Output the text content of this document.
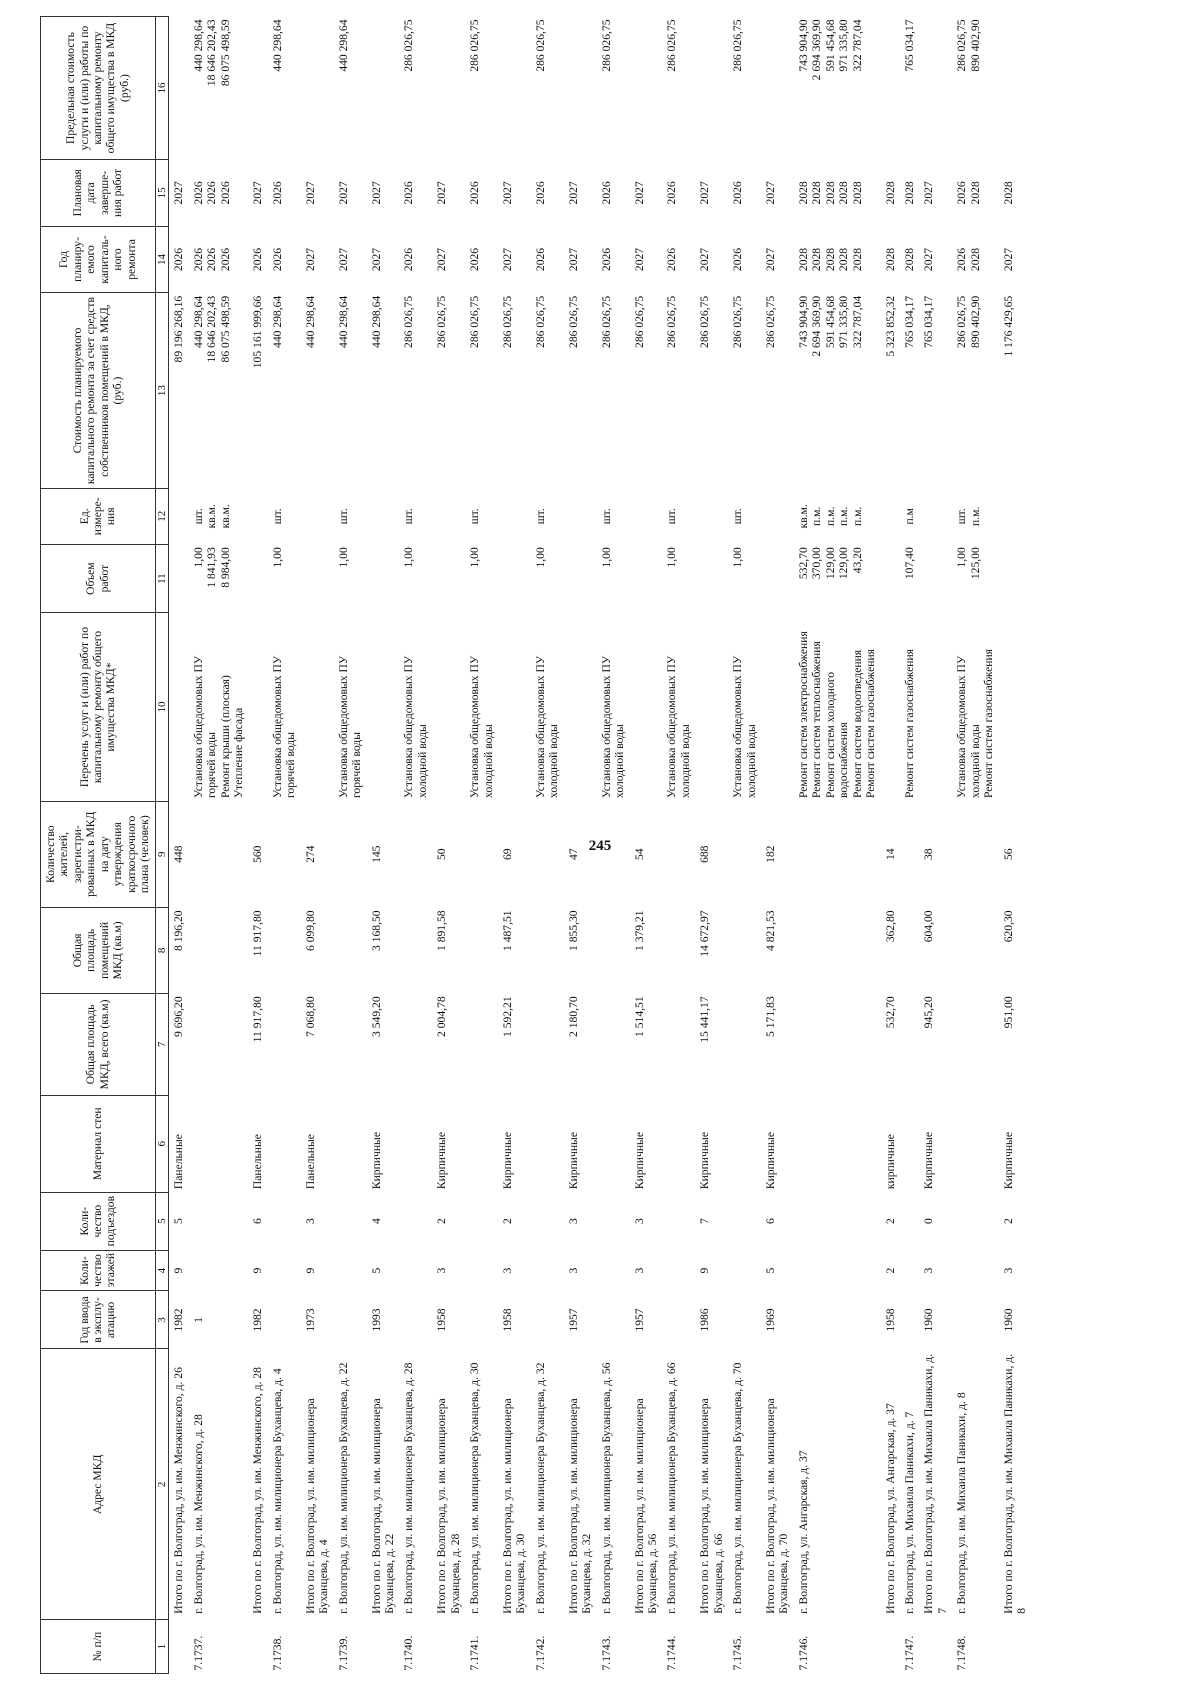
245
№ п/п	Адрес МКД	Год ввода в эксплу-атацию	Коли-чество этажей	Коли-чество подъездов	Материал стен	Общая площадь МКД, всего (кв.м)	Общая площадь помещений МКД (кв.м)	Количество жителей, зарегистри-рованных в МКД на дату утверждения краткосрочного плана (человек)	Перечень услуг и (или) работ по капитальному ремонту общего имущества МКД*	Объем работ	Ед. измере-ния	Стоимость планируемого капитального ремонта за счет средств собственников помещений в МКД, (руб.)	Год планиру-емого капиталь-ного ремонта	Плановая дата заверше-ния работ	Предельная стоимость услуги и (или) работы по капитальному ремонту общего имущества в МКД (руб.)
1	2	3	4	5	6	7	8	9	10	11	12	13	14	15	16
	Итого по г. Волгоград, ул. им. Менжинского, д. 26	1982	9	5	Панельные	9 696,20	8 196,20	448				89 196 268,16	2026	2027	

7.1737.	г. Волгоград, ул. им. Менжинского, д. 28	1							Установка общедомовых ПУ горячей воды Ремонт крыши (плоская) Утепление фасада	1,00 1 841,93 8 984,00	шт. кв.м. кв.м.	440 298,64 18 646 202,43 86 075 498,59	2026 2026 2026	2026 2026 2026	440 298,64 18 646 202,43 86 075 498,59

	Итого по г. Волгоград, ул. им. Менжинского, д. 28	1982	9	6	Панельные	11 917,80	11 917,80	560				105 161 999,66	2026	2027	

7.1738.	г. Волгоград, ул. им. милиционера Буханцева, д. 4								Установка общедомовых ПУ горячей воды	1,00	шт.	440 298,64	2026	2026	440 298,64

	Итого по г. Волгоград, ул. им. милиционера Буханцева, д. 4	1973	9	3	Панельные	7 068,80	6 099,80	274				440 298,64	2027	2027	

7.1739.	г. Волгоград, ул. им. милиционера Буханцева, д. 22								Установка общедомовых ПУ горячей воды	1,00	шт.	440 298,64	2027	2027	440 298,64

	Итого по г. Волгоград, ул. им. милиционера Буханцева, д. 22	1993	5	4	Кирпичные	3 549,20	3 168,50	145				440 298,64	2027	2027	

7.1740.	г. Волгоград, ул. им. милиционера Буханцева, д. 28								Установка общедомовых ПУ холодной воды	1,00	шт.	286 026,75	2026	2026	286 026,75

	Итого по г. Волгоград, ул. им. милиционера Буханцева, д. 28	1958	3	2	Кирпичные	2 004,78	1 891,58	50				286 026,75	2027	2027	

7.1741.	г. Волгоград, ул. им. милиционера Буханцева, д. 30								Установка общедомовых ПУ холодной воды	1,00	шт.	286 026,75	2026	2026	286 026,75

	Итого по г. Волгоград, ул. им. милиционера Буханцева, д. 30	1958	3	2	Кирпичные	1 592,21	1 487,51	69				286 026,75	2027	2027	

7.1742.	г. Волгоград, ул. им. милиционера Буханцева, д. 32								Установка общедомовых ПУ холодной воды	1,00	шт.	286 026,75	2026	2026	286 026,75

	Итого по г. Волгоград, ул. им. милиционера Буханцева, д. 32	1957	3	3	Кирпичные	2 180,70	1 855,30	47				286 026,75	2027	2027	

7.1743.	г. Волгоград, ул. им. милиционера Буханцева, д. 56								Установка общедомовых ПУ холодной воды	1,00	шт.	286 026,75	2026	2026	286 026,75

	Итого по г. Волгоград, ул. им. милиционера Буханцева, д. 56	1957	3	3	Кирпичные	1 514,51	1 379,21	54				286 026,75	2027	2027	

7.1744.	г. Волгоград, ул. им. милиционера Буханцева, д. 66								Установка общедомовых ПУ холодной воды	1,00	шт.	286 026,75	2026	2026	286 026,75

	Итого по г. Волгоград, ул. им. милиционера Буханцева, д. 66	1986	9	7	Кирпичные	15 441,17	14 672,97	688				286 026,75	2027	2027	

7.1745.	г. Волгоград, ул. им. милиционера Буханцева, д. 70								Установка общедомовых ПУ холодной воды	1,00	шт.	286 026,75	2026	2026	286 026,75

	Итого по г. Волгоград, ул. им. милиционера Буханцева, д. 70	1969	5	6	Кирпичные	5 171,83	4 821,53	182				286 026,75	2027	2027	

7.1746.	г. Волгоград, ул. Ангарская, д. 37								Ремонт систем электроснабжения Ремонт систем теплоснабжения Ремонт систем холодного водоснабжения Ремонт систем водоотведения Ремонт систем газоснабжения	532,70 370,00 129,00 129,00 43,20	кв.м. п.м. п.м. п.м. п.м.	743 904,90 2 694 369,90 591 454,68 971 335,80 322 787,04	2028 2028 2028 2028 2028	2028 2028 2028 2028 2028	743 904,90 2 694 369,90 591 454,68 971 335,80 322 787,04

	Итого по г. Волгоград, ул. Ангарская, д. 37	1958	2	2	кирпичные	532,70	362,80	14				5 323 852,32	2028	2028	

7.1747.	г. Волгоград, ул. Михаила Паникахи, д. 7								Ремонт систем газоснабжения	107,40	п.м	765 034,17	2028	2028	765 034,17

	Итого по г. Волгоград, ул. им. Михаила Паникахи, д. 7	1960	3	0	Кирпичные	945,20	604,00	38				765 034,17	2027	2027	

7.1748.	г. Волгоград, ул. им. Михаила Паникахи, д. 8								Установка общедомовых ПУ холодной воды Ремонт систем газоснабжения	1,00 125,00	шт. п.м.	286 026,75 890 402,90	2026 2028	2026 2028	286 026,75 890 402,90

	Итого по г. Волгоград, ул. им. Михаила Паникахи, д. 8	1960	3	2	Кирпичные	951,00	620,30	56				1 176 429,65	2027	2028	
